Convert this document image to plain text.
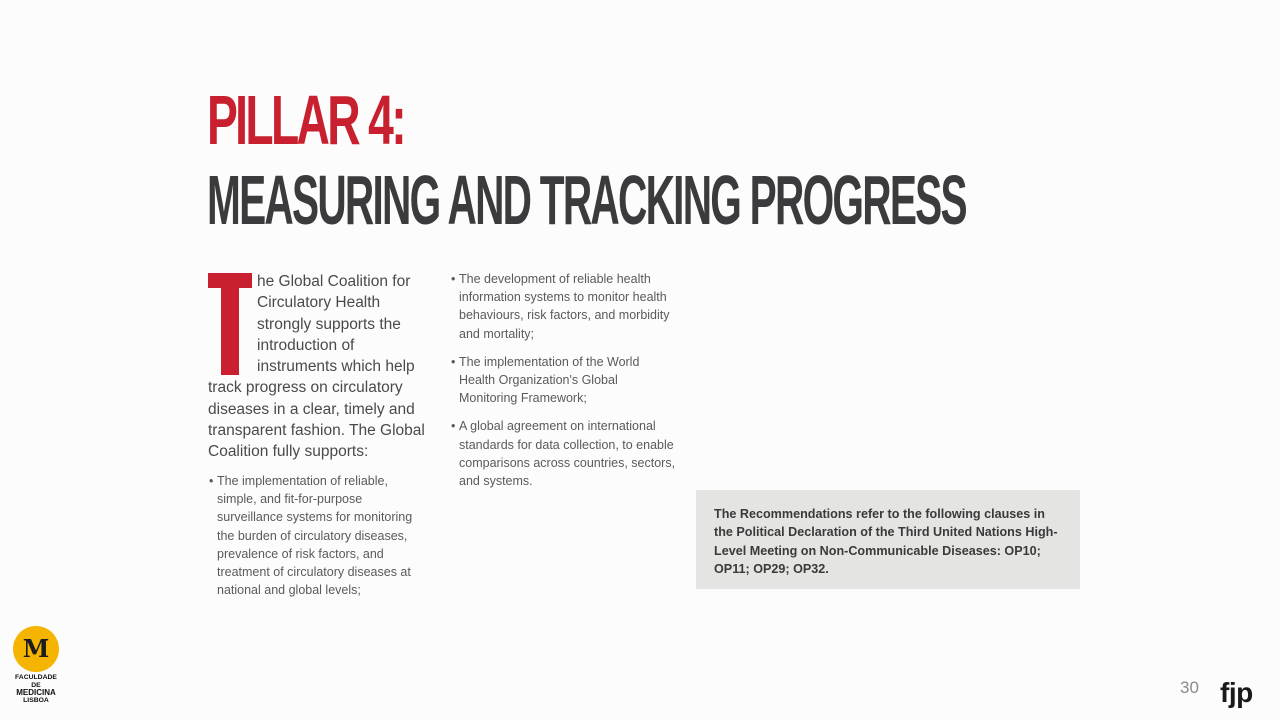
PILLAR 4:
MEASURING AND TRACKING PROGRESS
he Global Coalition for Circulatory Health strongly supports the introduction of instruments which help track progress on circulatory diseases in a clear, timely and transparent fashion. The Global Coalition fully supports:
• The implementation of reliable, simple, and fit-for-purpose surveillance systems for monitoring the burden of circulatory diseases, prevalence of risk factors, and treatment of circulatory diseases at national and global levels;
• The development of reliable health information systems to monitor health behaviours, risk factors, and morbidity and mortality;
• The implementation of the World Health Organization's Global Monitoring Framework;
• A global agreement on international standards for data collection, to enable comparisons across countries, sectors, and systems.
The Recommendations refer to the following clauses in the Political Declaration of the Third United Nations High-Level Meeting on Non-Communicable Diseases: OP10; OP11; OP29; OP32.
M
FACULDADE DE
MEDICINA
LISBOA
30 fjp
